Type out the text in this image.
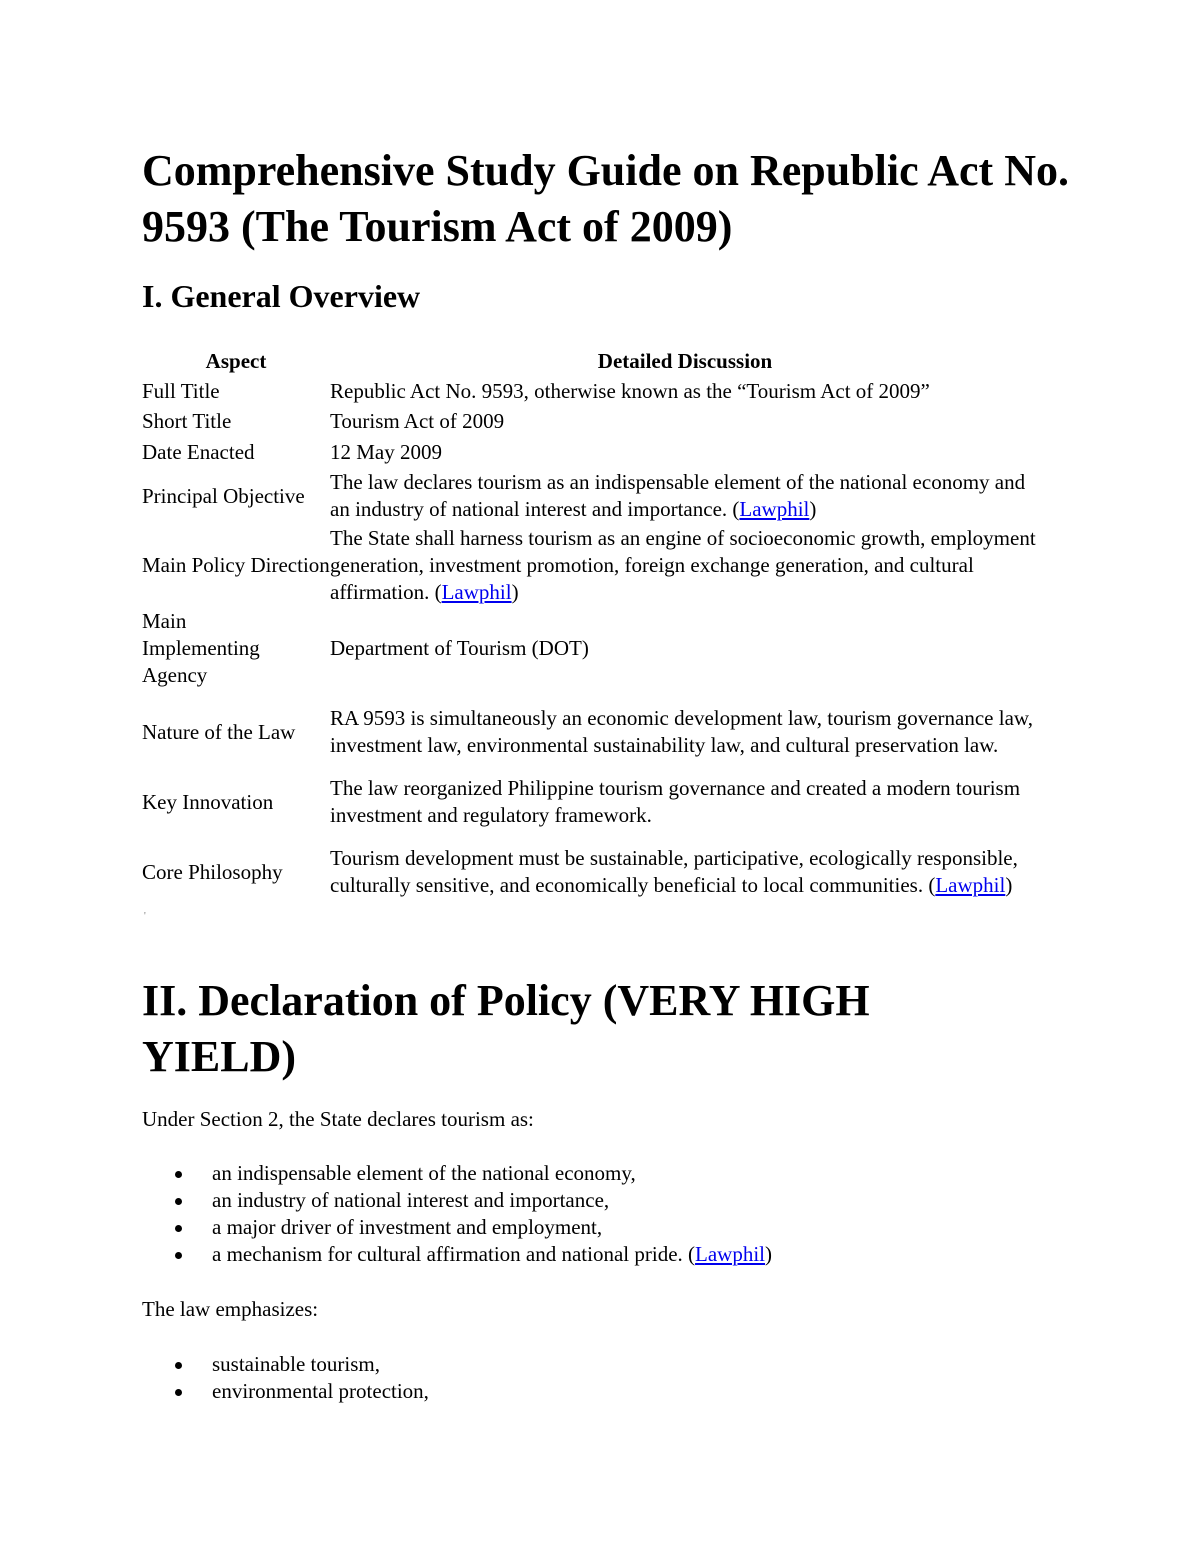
Comprehensive Study Guide on Republic Act No. 9593 (The Tourism Act of 2009)
I. General Overview
Aspect	Detailed Discussion
Full Title	Republic Act No. 9593, otherwise known as the “Tourism Act of 2009”
Short Title	Tourism Act of 2009
Date Enacted	12 May 2009
Principal Objective	The law declares tourism as an indispensable element of the national economy and an industry of national interest and importance. (Lawphil)
Main Policy Direction	The State shall harness tourism as an engine of socioeconomic growth, employment generation, investment promotion, foreign exchange generation, and cultural affirmation. (Lawphil)
Main Implementing Agency	Department of Tourism (DOT)
Nature of the Law	RA 9593 is simultaneously an economic development law, tourism governance law, investment law, environmental sustainability law, and cultural preservation law.
Key Innovation	The law reorganized Philippine tourism governance and created a modern tourism investment and regulatory framework.
Core Philosophy	Tourism development must be sustainable, participative, ecologically responsible, culturally sensitive, and economically beneficial to local communities. (Lawphil)
'
II. Declaration of Policy (VERY HIGH YIELD)

Under Section 2, the State declares tourism as:

an indispensable element of the national economy,
an industry of national interest and importance,
a major driver of investment and employment,
a mechanism for cultural affirmation and national pride. (Lawphil)

The law emphasizes:

sustainable tourism,
environmental protection,
